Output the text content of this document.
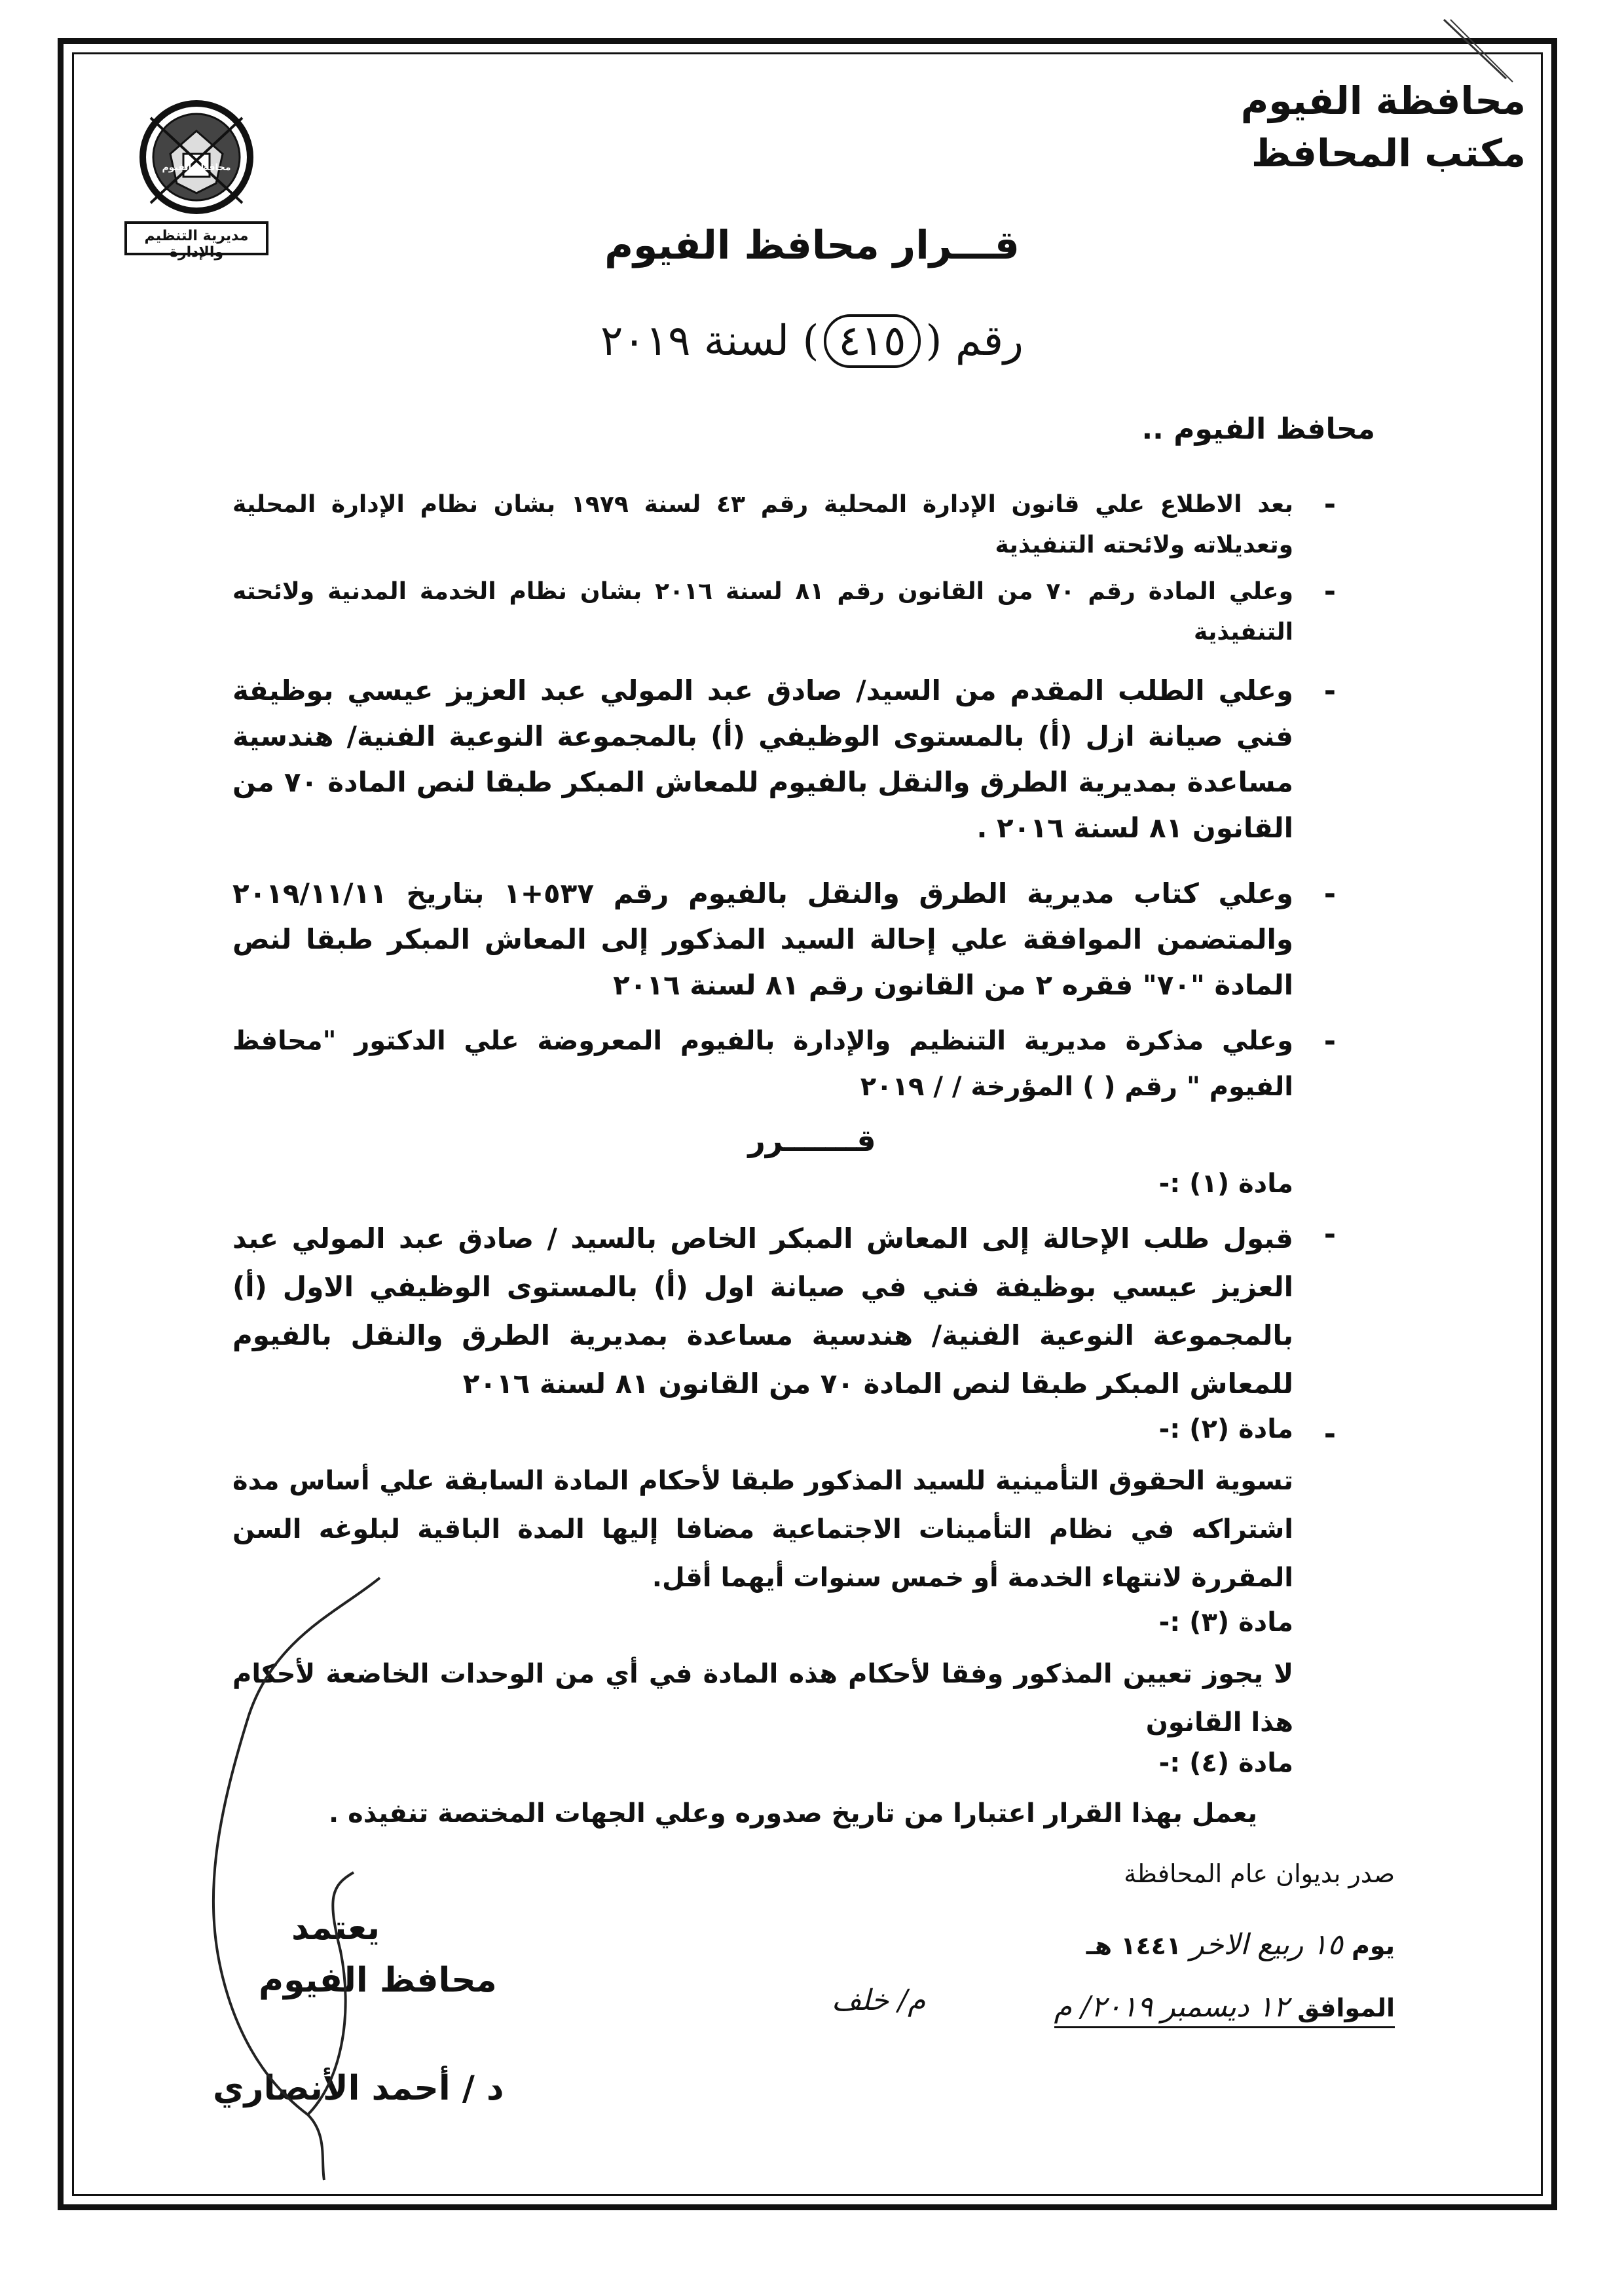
محافظة الفيوم
مكتب المحافظ
محافظة الفيوم
مديرية التنظيم والإدارة	قـــرار محافظ الفيوم
رقم (٤١٥) لسنة ٢٠١٩
محافظ الفيوم ..
-
بعد الاطلاع علي قانون الإدارة المحلية رقم ٤٣ لسنة ١٩٧٩ بشان نظام الإدارة المحلية وتعديلاته ولائحته التنفيذية
-
وعلي المادة رقم ٧٠ من القانون رقم ٨١ لسنة ٢٠١٦ بشان نظام الخدمة المدنية ولائحته التنفيذية
-
وعلي الطلب المقدم من السيد/ صادق عبد المولي عبد العزيز عيسي بوظيفة فني صيانة ازل (أ) بالمستوى الوظيفي (أ) بالمجموعة النوعية الفنية/ هندسية مساعدة بمديرية الطرق والنقل بالفيوم للمعاش المبكر طبقا لنص المادة ٧٠ من القانون ٨١ لسنة ٢٠١٦ .
-
وعلي كتاب مديرية الطرق والنقل بالفيوم رقم ٥٣٧+١ بتاريخ ٢٠١٩/١١/١١ والمتضمن الموافقة علي إحالة السيد المذكور إلى المعاش المبكر طبقا لنص المادة "٧٠" فقره ٢ من القانون رقم ٨١ لسنة ٢٠١٦
-
وعلي مذكرة مديرية التنظيم والإدارة بالفيوم المعروضة علي الدكتور "محافظ الفيوم " رقم ( ) المؤرخة / / ٢٠١٩
قـــــــرر
مادة (١) :-
-
قبول طلب الإحالة إلى المعاش المبكر الخاص بالسيد / صادق عبد المولي عبد العزيز عيسي بوظيفة فني في صيانة اول (أ) بالمستوى الوظيفي الاول (أ) بالمجموعة النوعية الفنية/ هندسية مساعدة بمديرية الطرق والنقل بالفيوم للمعاش المبكر طبقا لنص المادة ٧٠ من القانون ٨١ لسنة ٢٠١٦
-
مادة (٢) :-
تسوية الحقوق التأمينية للسيد المذكور طبقا لأحكام المادة السابقة علي أساس مدة اشتراكه في نظام التأمينات الاجتماعية مضافا إليها المدة الباقية لبلوغه السن المقررة لانتهاء الخدمة أو خمس سنوات أيهما أقل.
مادة (٣) :-
لا يجوز تعيين المذكور وفقا لأحكام هذه المادة في أي من الوحدات الخاضعة لأحكام هذا القانون
مادة (٤) :-
يعمل بهذا القرار اعتبارا من تاريخ صدوره وعلي الجهات المختصة تنفيذه .
صدر بديوان عام المحافظة
يوم ١٥ ربيع الاخر ١٤٤١ هـ
الموافق ١٢ ديسمبر ٢٠١٩/ م
م/ خلف
يعتمد
محافظ الفيوم
د / أحمد الأنصاري
